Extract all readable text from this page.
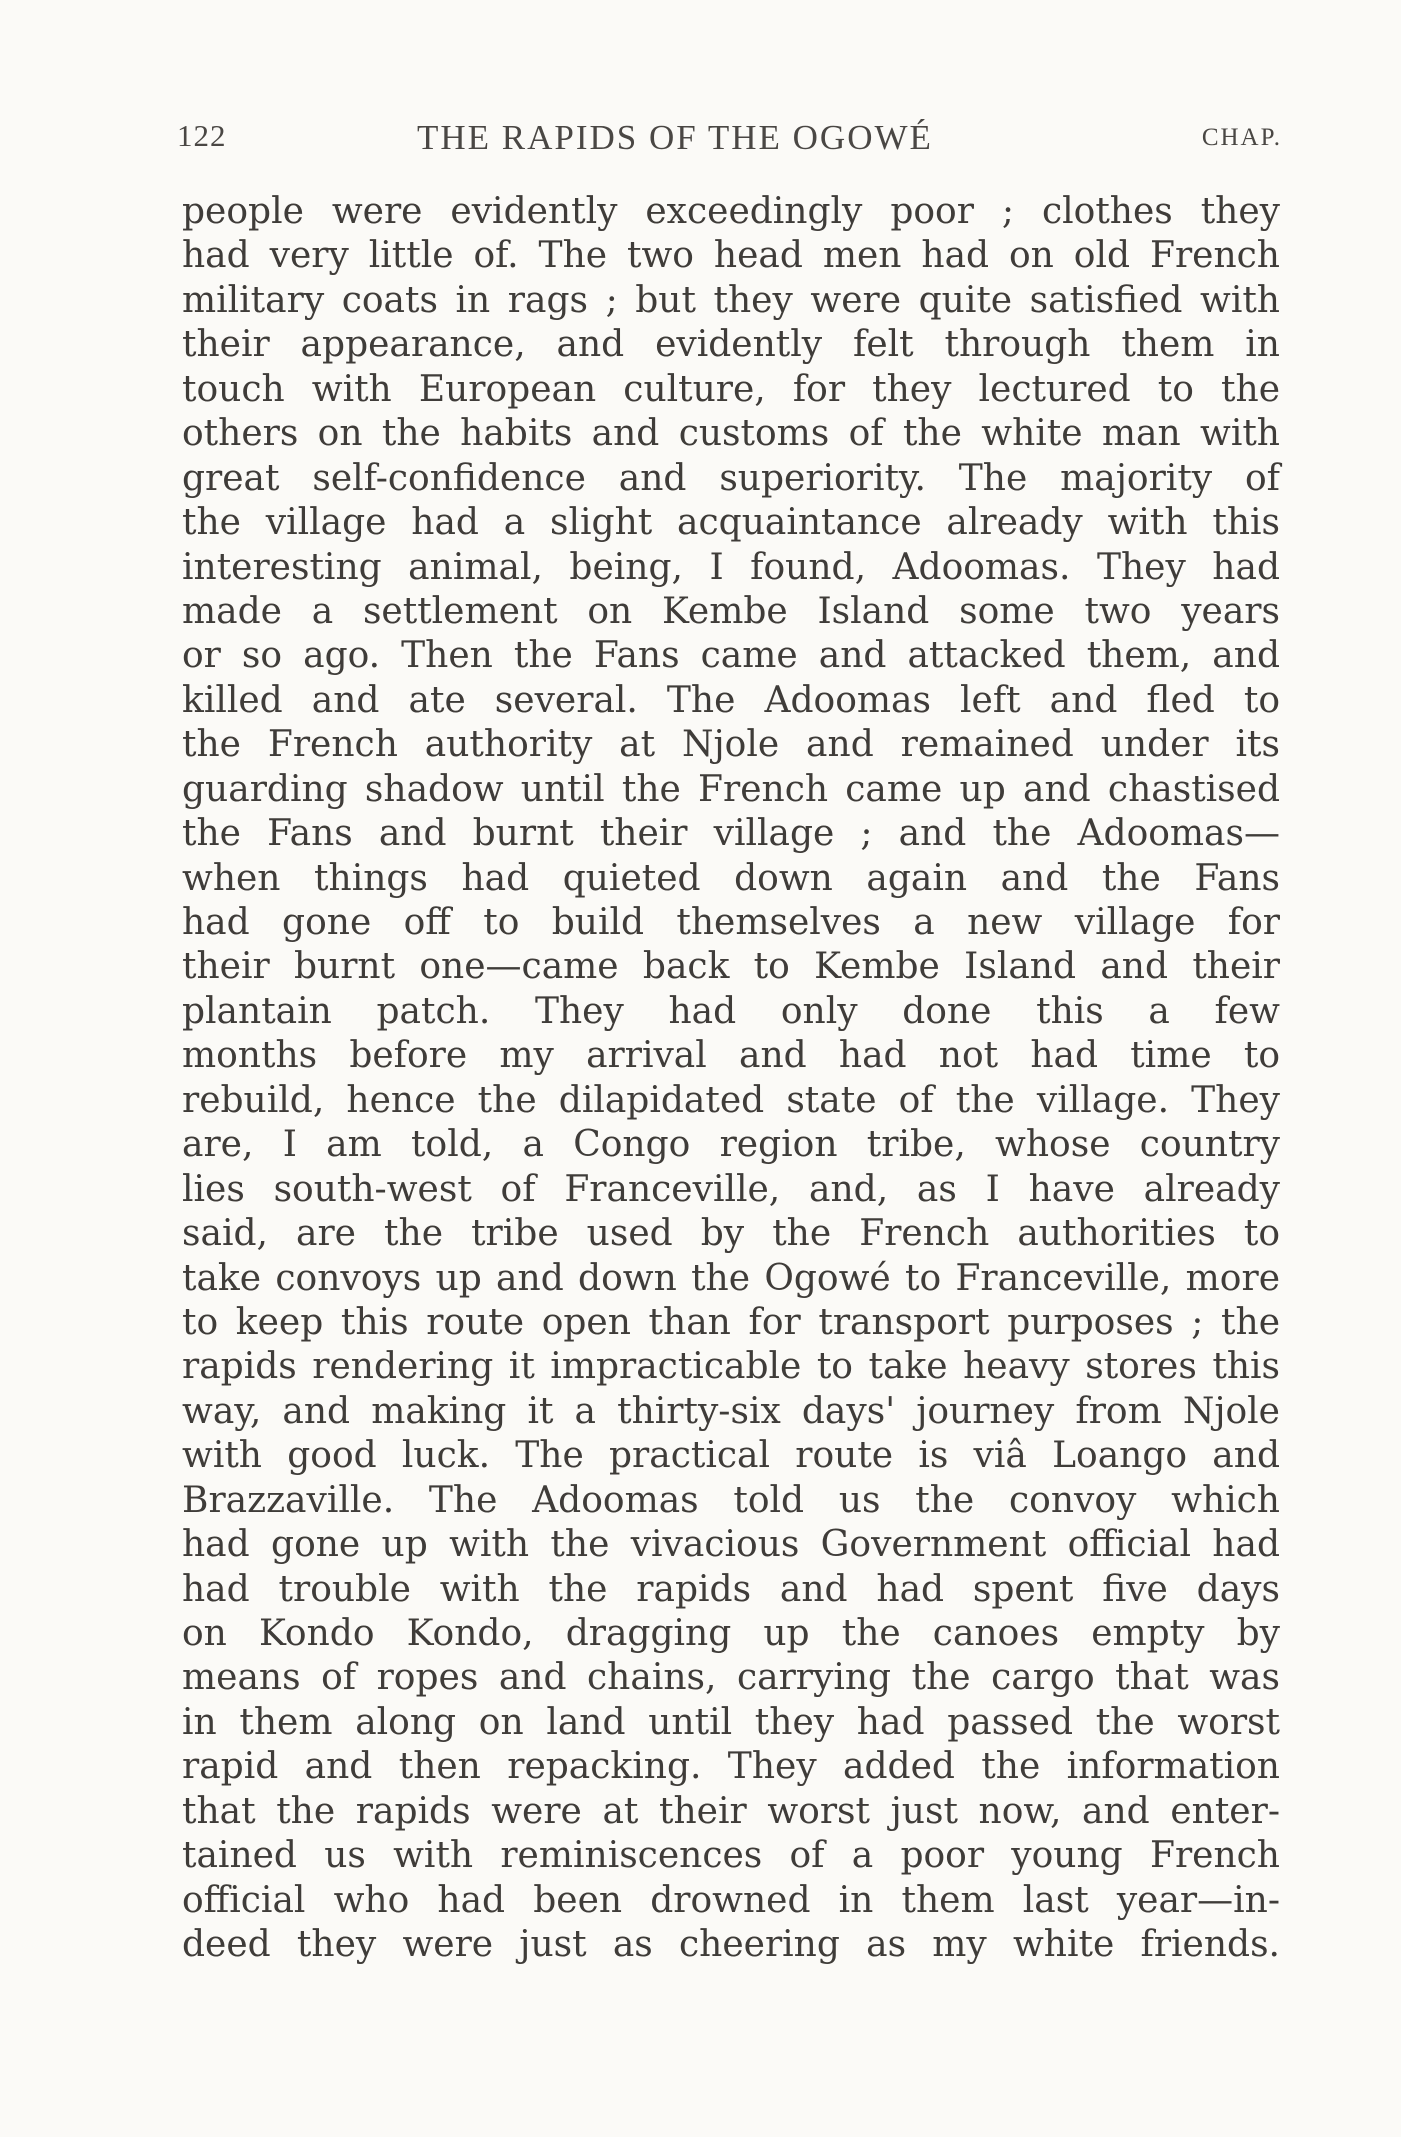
122	THE RAPIDS OF THE OGOWÉ	CHAP.
people were evidently exceedingly poor ; clothes they
had very little of. The two head men had on old French
military coats in rags ; but they were quite satisfied with
their appearance, and evidently felt through them in
touch with European culture, for they lectured to the
others on the habits and customs of the white man with
great self-confidence and superiority. The majority of
the village had a slight acquaintance already with this
interesting animal, being, I found, Adoomas. They had
made a settlement on Kembe Island some two years
or so ago. Then the Fans came and attacked them, and
killed and ate several. The Adoomas left and fled to
the French authority at Njole and remained under its
guarding shadow until the French came up and chastised
the Fans and burnt their village ; and the Adoomas—
when things had quieted down again and the Fans
had gone off to build themselves a new village for
their burnt one—came back to Kembe Island and their
plantain patch. They had only done this a few
months before my arrival and had not had time to
rebuild, hence the dilapidated state of the village. They
are, I am told, a Congo region tribe, whose country
lies south-west of Franceville, and, as I have already
said, are the tribe used by the French authorities to
take convoys up and down the Ogowé to Franceville, more
to keep this route open than for transport purposes ; the
rapids rendering it impracticable to take heavy stores this
way, and making it a thirty-six days' journey from Njole
with good luck. The practical route is viâ Loango and
Brazzaville. The Adoomas told us the convoy which
had gone up with the vivacious Government official had
had trouble with the rapids and had spent five days
on Kondo Kondo, dragging up the canoes empty by
means of ropes and chains, carrying the cargo that was
in them along on land until they had passed the worst
rapid and then repacking. They added the information
that the rapids were at their worst just now, and enter-
tained us with reminiscences of a poor young French
official who had been drowned in them last year—in-
deed they were just as cheering as my white friends.
